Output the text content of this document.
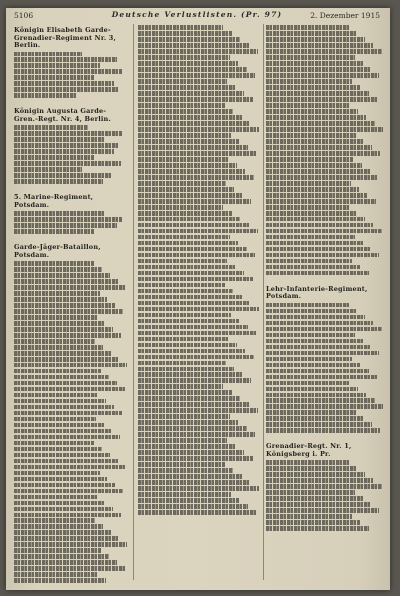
5106	Deutsche Verlustlisten. (Pr. 97)	2. Dezember 1915
Königin Elisabeth Garde-Grenadier-Regiment Nr. 3, Berlin.
Königin Augusta Garde-Gren.-Regt. Nr. 4, Berlin.
5. Marine-Regiment, Potsdam.
Garde-Jäger-Bataillon, Potsdam.
Lehr-Infanterie-Regiment, Potsdam.
Grenadier-Regt. Nr. 1, Königsberg i. Pr.
